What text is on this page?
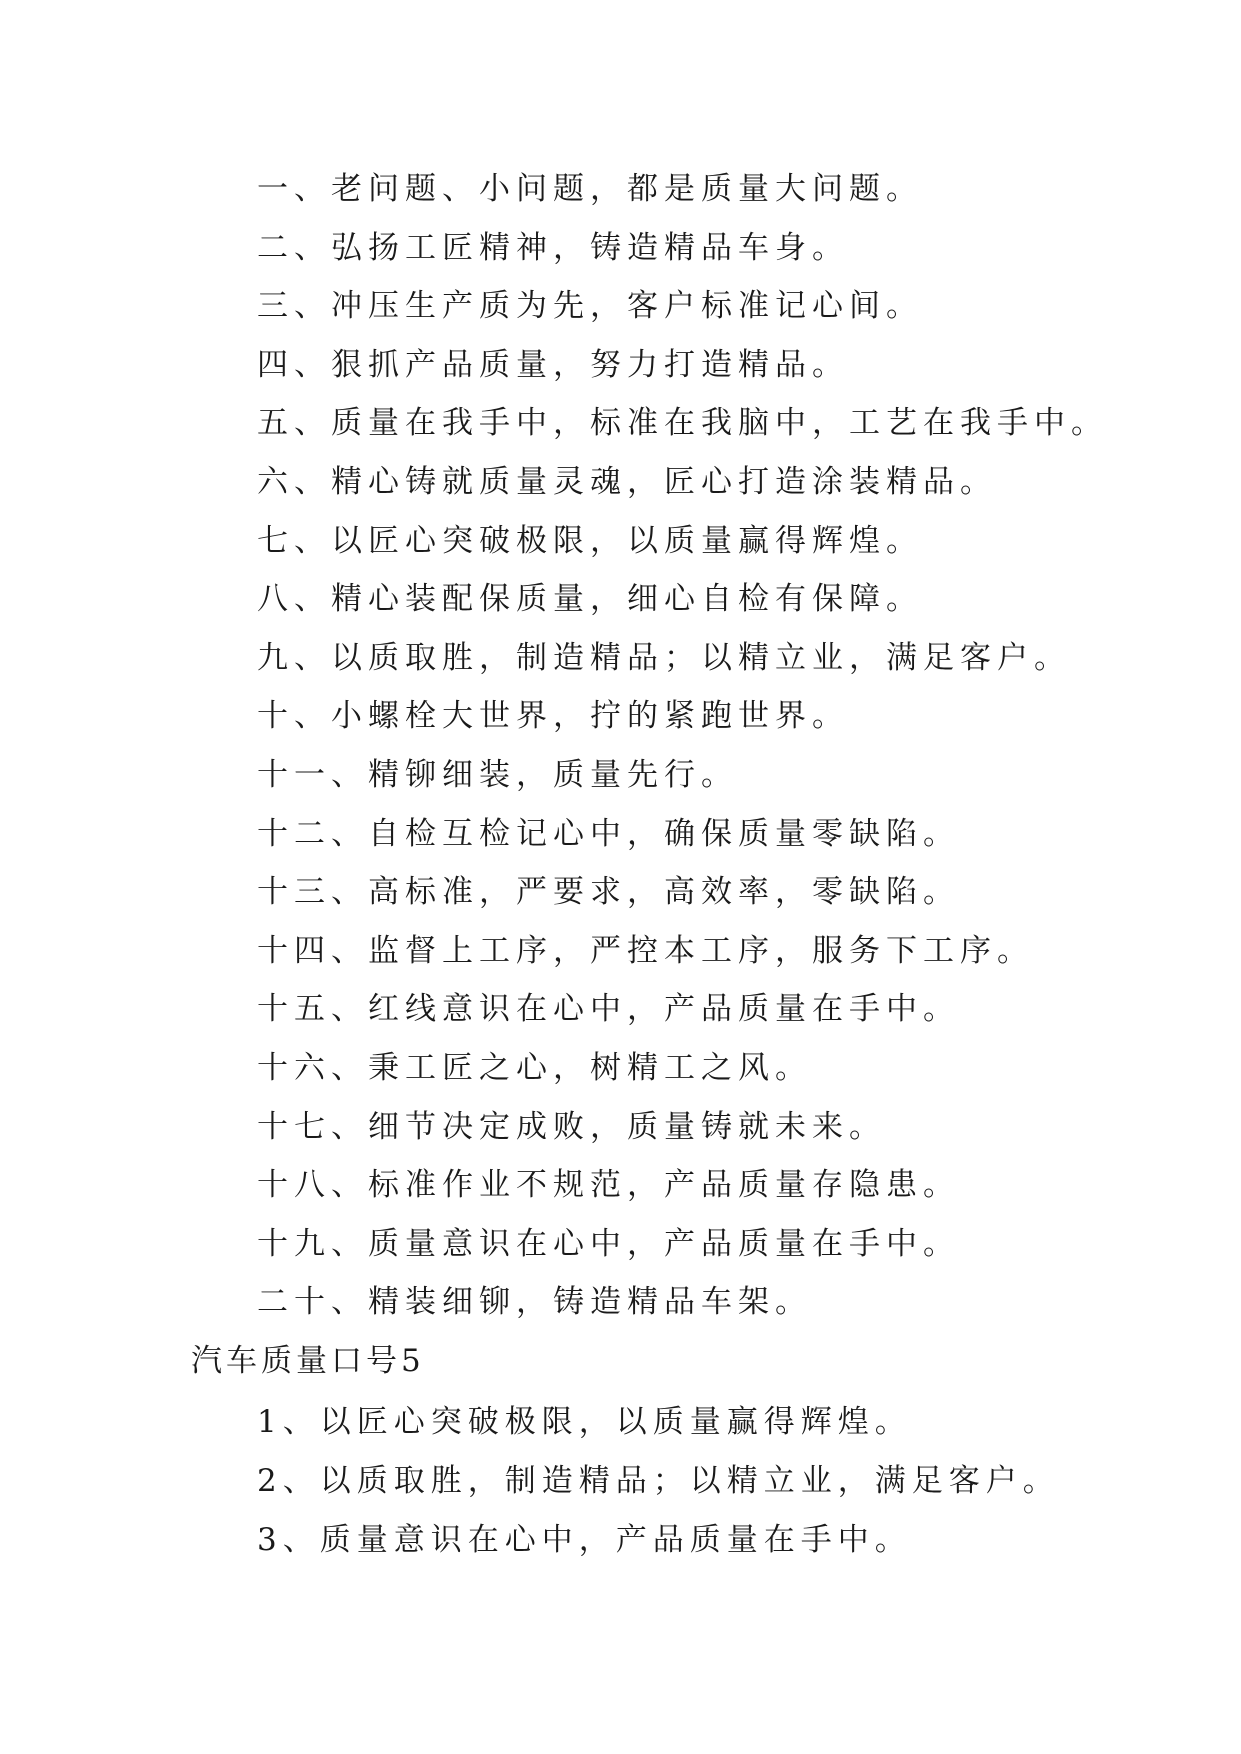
一、老问题、小问题，都是质量大问题。
二、弘扬工匠精神，铸造精品车身。
三、冲压生产质为先，客户标准记心间。
四、狠抓产品质量，努力打造精品。
五、质量在我手中，标准在我脑中，工艺在我手中。
六、精心铸就质量灵魂，匠心打造涂装精品。
七、以匠心突破极限，以质量赢得辉煌。
八、精心装配保质量，细心自检有保障。
九、以质取胜，制造精品；以精立业，满足客户。
十、小螺栓大世界，拧的紧跑世界。
十一、精铆细装，质量先行。
十二、自检互检记心中，确保质量零缺陷。
十三、高标准，严要求，高效率，零缺陷。
十四、监督上工序，严控本工序，服务下工序。
十五、红线意识在心中，产品质量在手中。
十六、秉工匠之心，树精工之风。
十七、细节决定成败，质量铸就未来。
十八、标准作业不规范，产品质量存隐患。
十九、质量意识在心中，产品质量在手中。
二十、精装细铆，铸造精品车架。
汽车质量口号5
1、以匠心突破极限，以质量赢得辉煌。
2、以质取胜，制造精品；以精立业，满足客户。
3、质量意识在心中，产品质量在手中。
